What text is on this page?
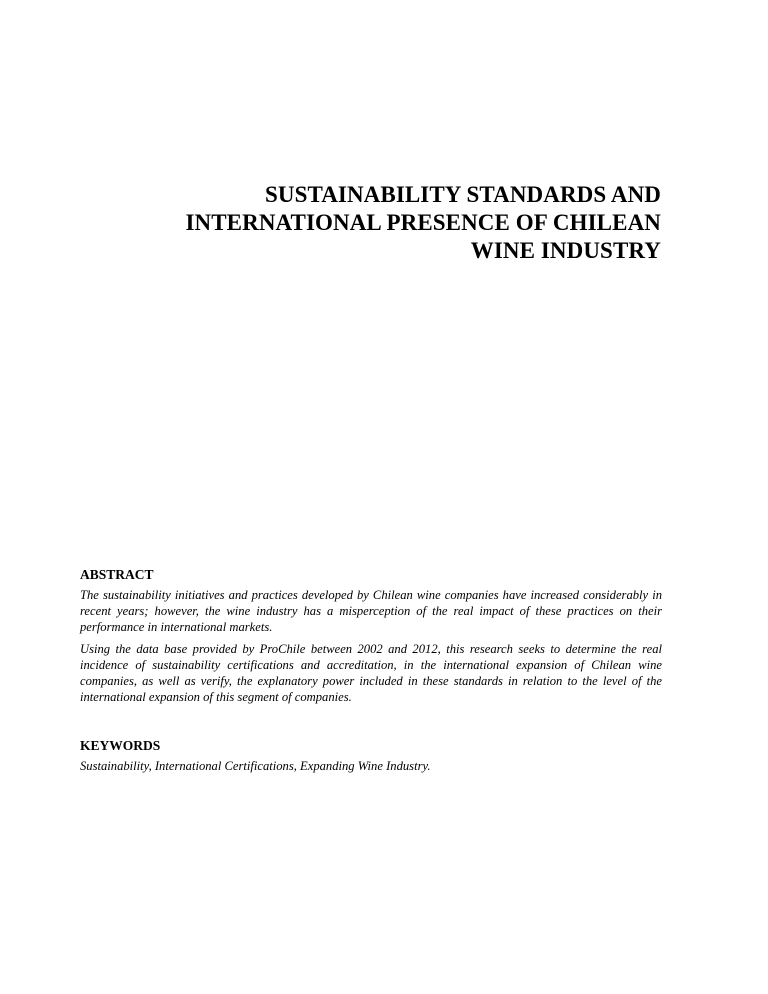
SUSTAINABILITY STANDARDS AND
INTERNATIONAL PRESENCE OF CHILEAN
WINE INDUSTRY
ABSTRACT

The sustainability initiatives and practices developed by Chilean wine companies have increased considerably in recent years; however, the wine industry has a misperception of the real impact of these practices on their performance in international markets.

Using the data base provided by ProChile between 2002 and 2012, this research seeks to determine the real incidence of sustainability certifications and accreditation, in the international expansion of Chilean wine companies, as well as verify, the explanatory power included in these standards in relation to the level of the international expansion of this segment of companies.

KEYWORDS

Sustainability, International Certifications, Expanding Wine Industry.
